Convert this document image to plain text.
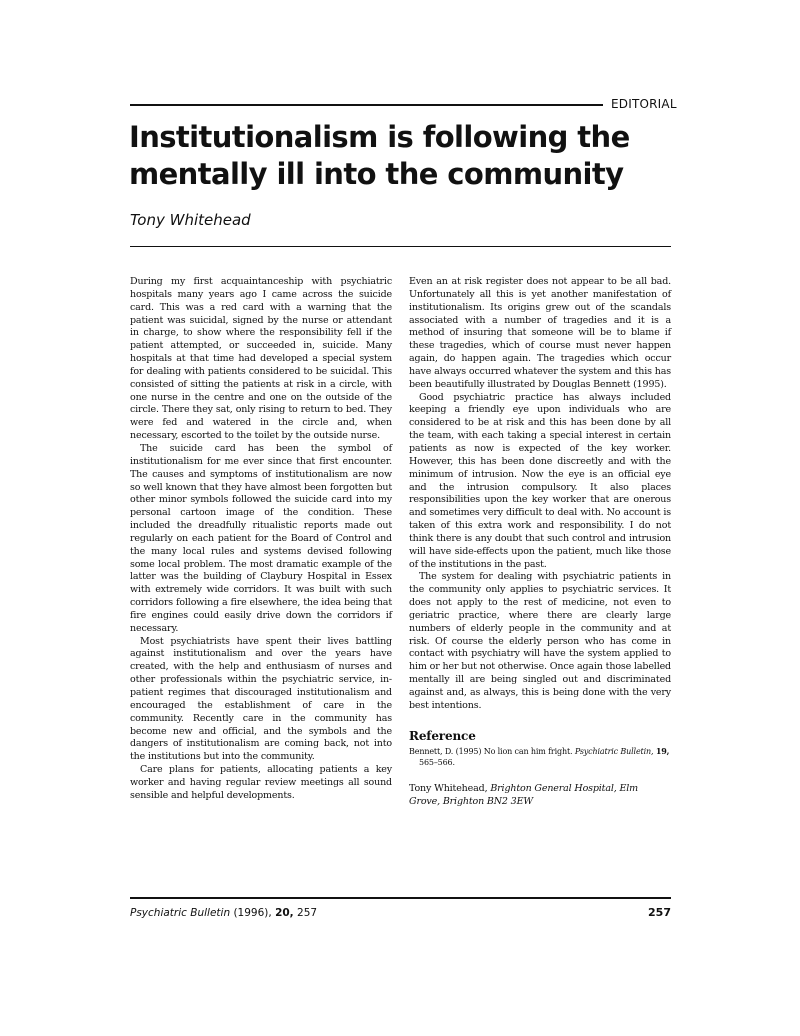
EDITORIAL
Institutionalism is following the mentally ill into the community
Tony Whitehead

During my first acquaintanceship with psychiatric hospitals many years ago I came across the suicide card. This was a red card with a warning that the patient was suicidal, signed by the nurse or attendant in charge, to show where the responsibility fell if the patient attempted, or succeeded in, suicide. Many hospitals at that time had developed a special system for dealing with patients considered to be suicidal. This consisted of sitting the patients at risk in a circle, with one nurse in the centre and one on the outside of the circle. There they sat, only rising to return to bed. They were fed and watered in the circle and, when necessary, escorted to the toilet by the outside nurse.

The suicide card has been the symbol of institutionalism for me ever since that first encounter. The causes and symptoms of institutionalism are now so well known that they have almost been forgotten but other minor symbols followed the suicide card into my personal cartoon image of the condition. These included the dreadfully ritualistic reports made out regularly on each patient for the Board of Control and the many local rules and systems devised following some local problem. The most dramatic example of the latter was the building of Claybury Hospital in Essex with extremely wide corridors. It was built with such corridors following a fire elsewhere, the idea being that fire engines could easily drive down the corridors if necessary.

Most psychiatrists have spent their lives battling against institutionalism and over the years have created, with the help and enthusiasm of nurses and other professionals within the psychiatric service, in-patient regimes that discouraged institutionalism and encouraged the establishment of care in the community. Recently care in the community has become new and official, and the symbols and the dangers of institutionalism are coming back, not into the institutions but into the community.

Care plans for patients, allocating patients a key worker and having regular review meetings all sound sensible and helpful developments.

Even an at risk register does not appear to be all bad. Unfortunately all this is yet another manifestation of institutionalism. Its origins grew out of the scandals associated with a number of tragedies and it is a method of insuring that someone will be to blame if these tragedies, which of course must never happen again, do happen again. The tragedies which occur have always occurred whatever the system and this has been beautifully illustrated by Douglas Bennett (1995).

Good psychiatric practice has always included keeping a friendly eye upon individuals who are considered to be at risk and this has been done by all the team, with each taking a special interest in certain patients as now is expected of the key worker. However, this has been done discreetly and with the minimum of intrusion. Now the eye is an official eye and the intrusion compulsory. It also places responsibilities upon the key worker that are onerous and sometimes very difficult to deal with. No account is taken of this extra work and responsibility. I do not think there is any doubt that such control and intrusion will have side-effects upon the patient, much like those of the institutions in the past.

The system for dealing with psychiatric patients in the community only applies to psychiatric services. It does not apply to the rest of medicine, not even to geriatric practice, where there are clearly large numbers of elderly people in the community and at risk. Of course the elderly person who has come in contact with psychiatry will have the system applied to him or her but not otherwise. Once again those labelled mentally ill are being singled out and discriminated against and, as always, this is being done with the very best intentions.

Reference

Bennett, D. (1995) No lion can him fright. Psychiatric Bulletin, 19, 565–566.

Tony Whitehead, Brighton General Hospital, Elm Grove, Brighton BN2 3EW

Psychiatric Bulletin (1996), 20, 257	257
